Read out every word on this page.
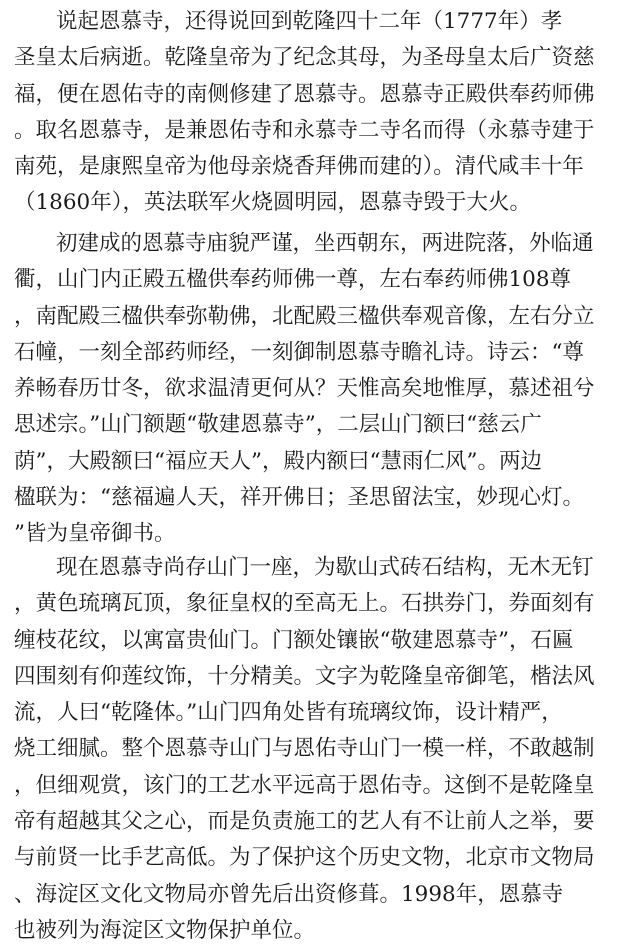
说起恩慕寺，还得说回到乾隆四十二年（1777年）孝
圣皇太后病逝。乾隆皇帝为了纪念其母，为圣母皇太后广资慈
福，便在恩佑寺的南侧修建了恩慕寺。恩慕寺正殿供奉药师佛
。取名恩慕寺，是兼恩佑寺和永慕寺二寺名而得（永慕寺建于
南苑，是康熙皇帝为他母亲烧香拜佛而建的）。清代咸丰十年
（1860年），英法联军火烧圆明园，恩慕寺毁于大火。
初建成的恩慕寺庙貌严谨，坐西朝东，两进院落，外临通
衢，山门内正殿五楹供奉药师佛一尊，左右奉药师佛108尊
，南配殿三楹供奉弥勒佛，北配殿三楹供奉观音像，左右分立
石幢，一刻全部药师经，一刻御制恩慕寺瞻礼诗。诗云：“尊
养畅春历廿冬，欲求温清更何从？天惟高矣地惟厚，慕述祖兮
思述宗。”山门额题“敬建恩慕寺”，二层山门额曰“慈云广
荫”，大殿额曰“福应天人”，殿内额曰“慧雨仁风”。两边
楹联为：“慈福遍人天，祥开佛日；圣思留法宝，妙现心灯。
”皆为皇帝御书。
现在恩慕寺尚存山门一座，为歇山式砖石结构，无木无钉
，黄色琉璃瓦顶，象征皇权的至高无上。石拱券门，券面刻有
缠枝花纹，以寓富贵仙门。门额处镶嵌“敬建恩慕寺”，石匾
四围刻有仰莲纹饰，十分精美。文字为乾隆皇帝御笔，楷法风
流，人曰“乾隆体。”山门四角处皆有琉璃纹饰，设计精严，
烧工细腻。整个恩慕寺山门与恩佑寺山门一模一样，不敢越制
，但细观赏，该门的工艺水平远高于恩佑寺。这倒不是乾隆皇
帝有超越其父之心，而是负责施工的艺人有不让前人之举，要
与前贤一比手艺高低。为了保护这个历史文物，北京市文物局
、海淀区文化文物局亦曾先后出资修葺。1998年，恩慕寺
也被列为海淀区文物保护单位。
